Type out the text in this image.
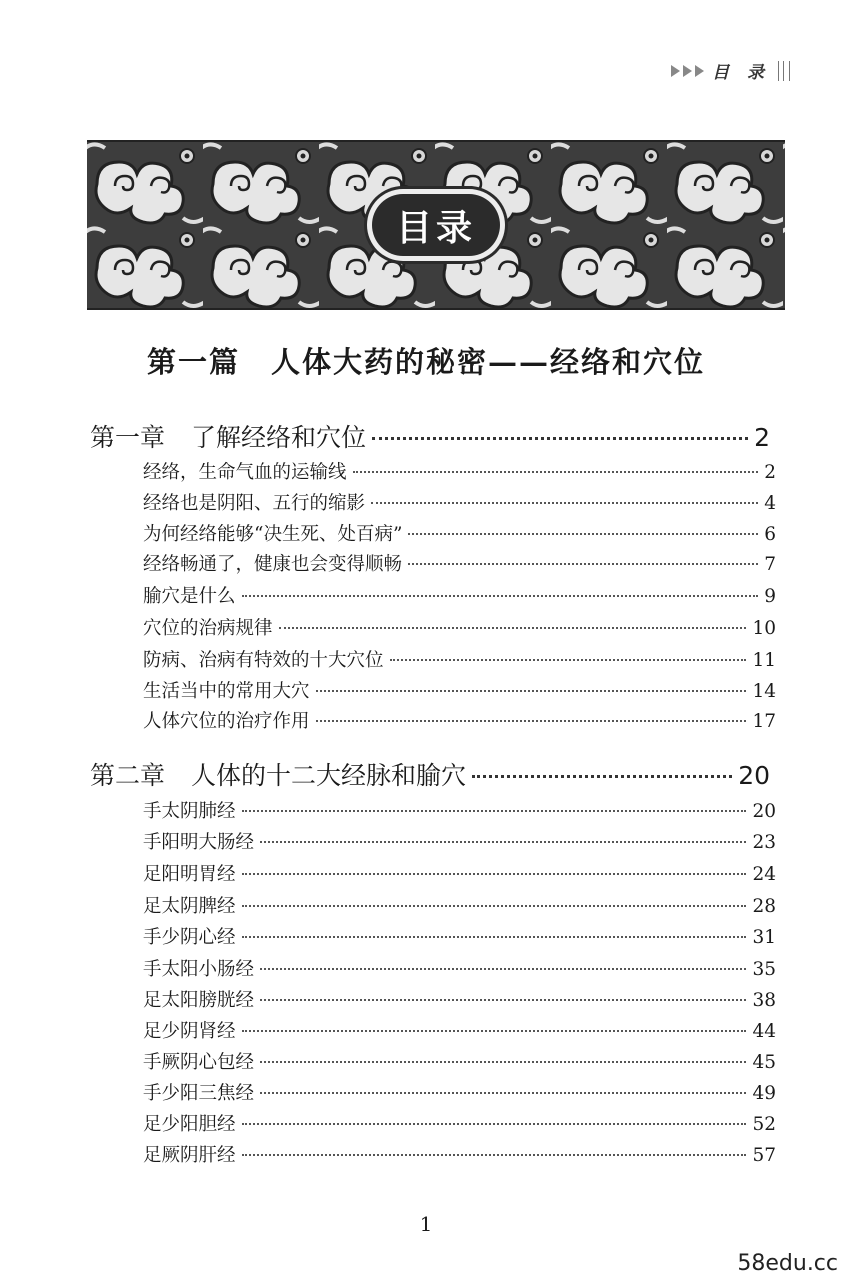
目 录
目录
第一篇　人体大药的秘密——经络和穴位
第一章 了解经络和穴位	2
经络，生命气血的运输线	2
经络也是阴阳、五行的缩影	4
为何经络能够“决生死、处百病”	6
经络畅通了，健康也会变得顺畅	7
腧穴是什么	9
穴位的治病规律	10
防病、治病有特效的十大穴位	11
生活当中的常用大穴	14
人体穴位的治疗作用	17
第二章 人体的十二大经脉和腧穴	20
手太阴肺经	20
手阳明大肠经	23
足阳明胃经	24
足太阴脾经	28
手少阴心经	31
手太阳小肠经	35
足太阳膀胱经	38
足少阴肾经	44
手厥阴心包经	45
手少阳三焦经	49
足少阳胆经	52
足厥阴肝经	57
1
58edu.cc
